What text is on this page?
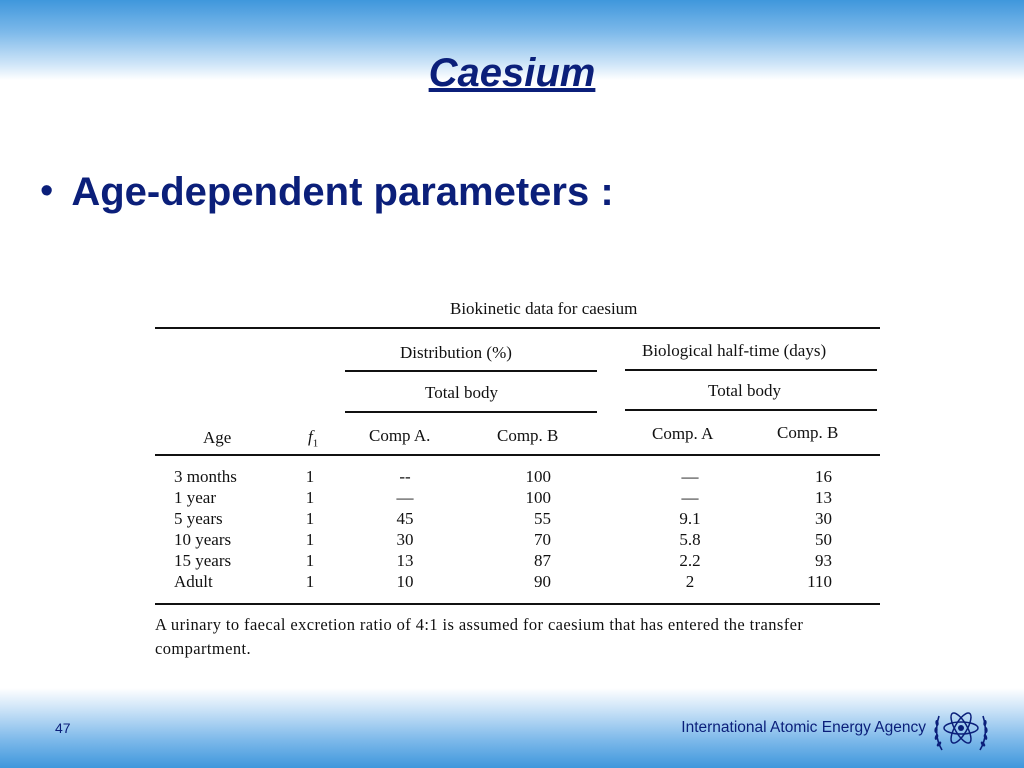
Caesium
• Age-dependent parameters :
Biokinetic data for caesium
Distribution (%)	Biological half-time (days)
Total body	Total body
Age	$f_1$	Comp A.	Comp. B	Comp. A	Comp. B
3 months	1	--	100	—	16
1 year	1	—	100	—	13
5 years	1	45	55	9.1	30
10 years	1	30	70	5.8	50
15 years	1	13	87	2.2	93
Adult	1	10	90	2	110
A urinary to faecal excretion ratio of 4:1 is assumed for caesium that has entered the transfer compartment.
47	International Atomic Energy Agency
